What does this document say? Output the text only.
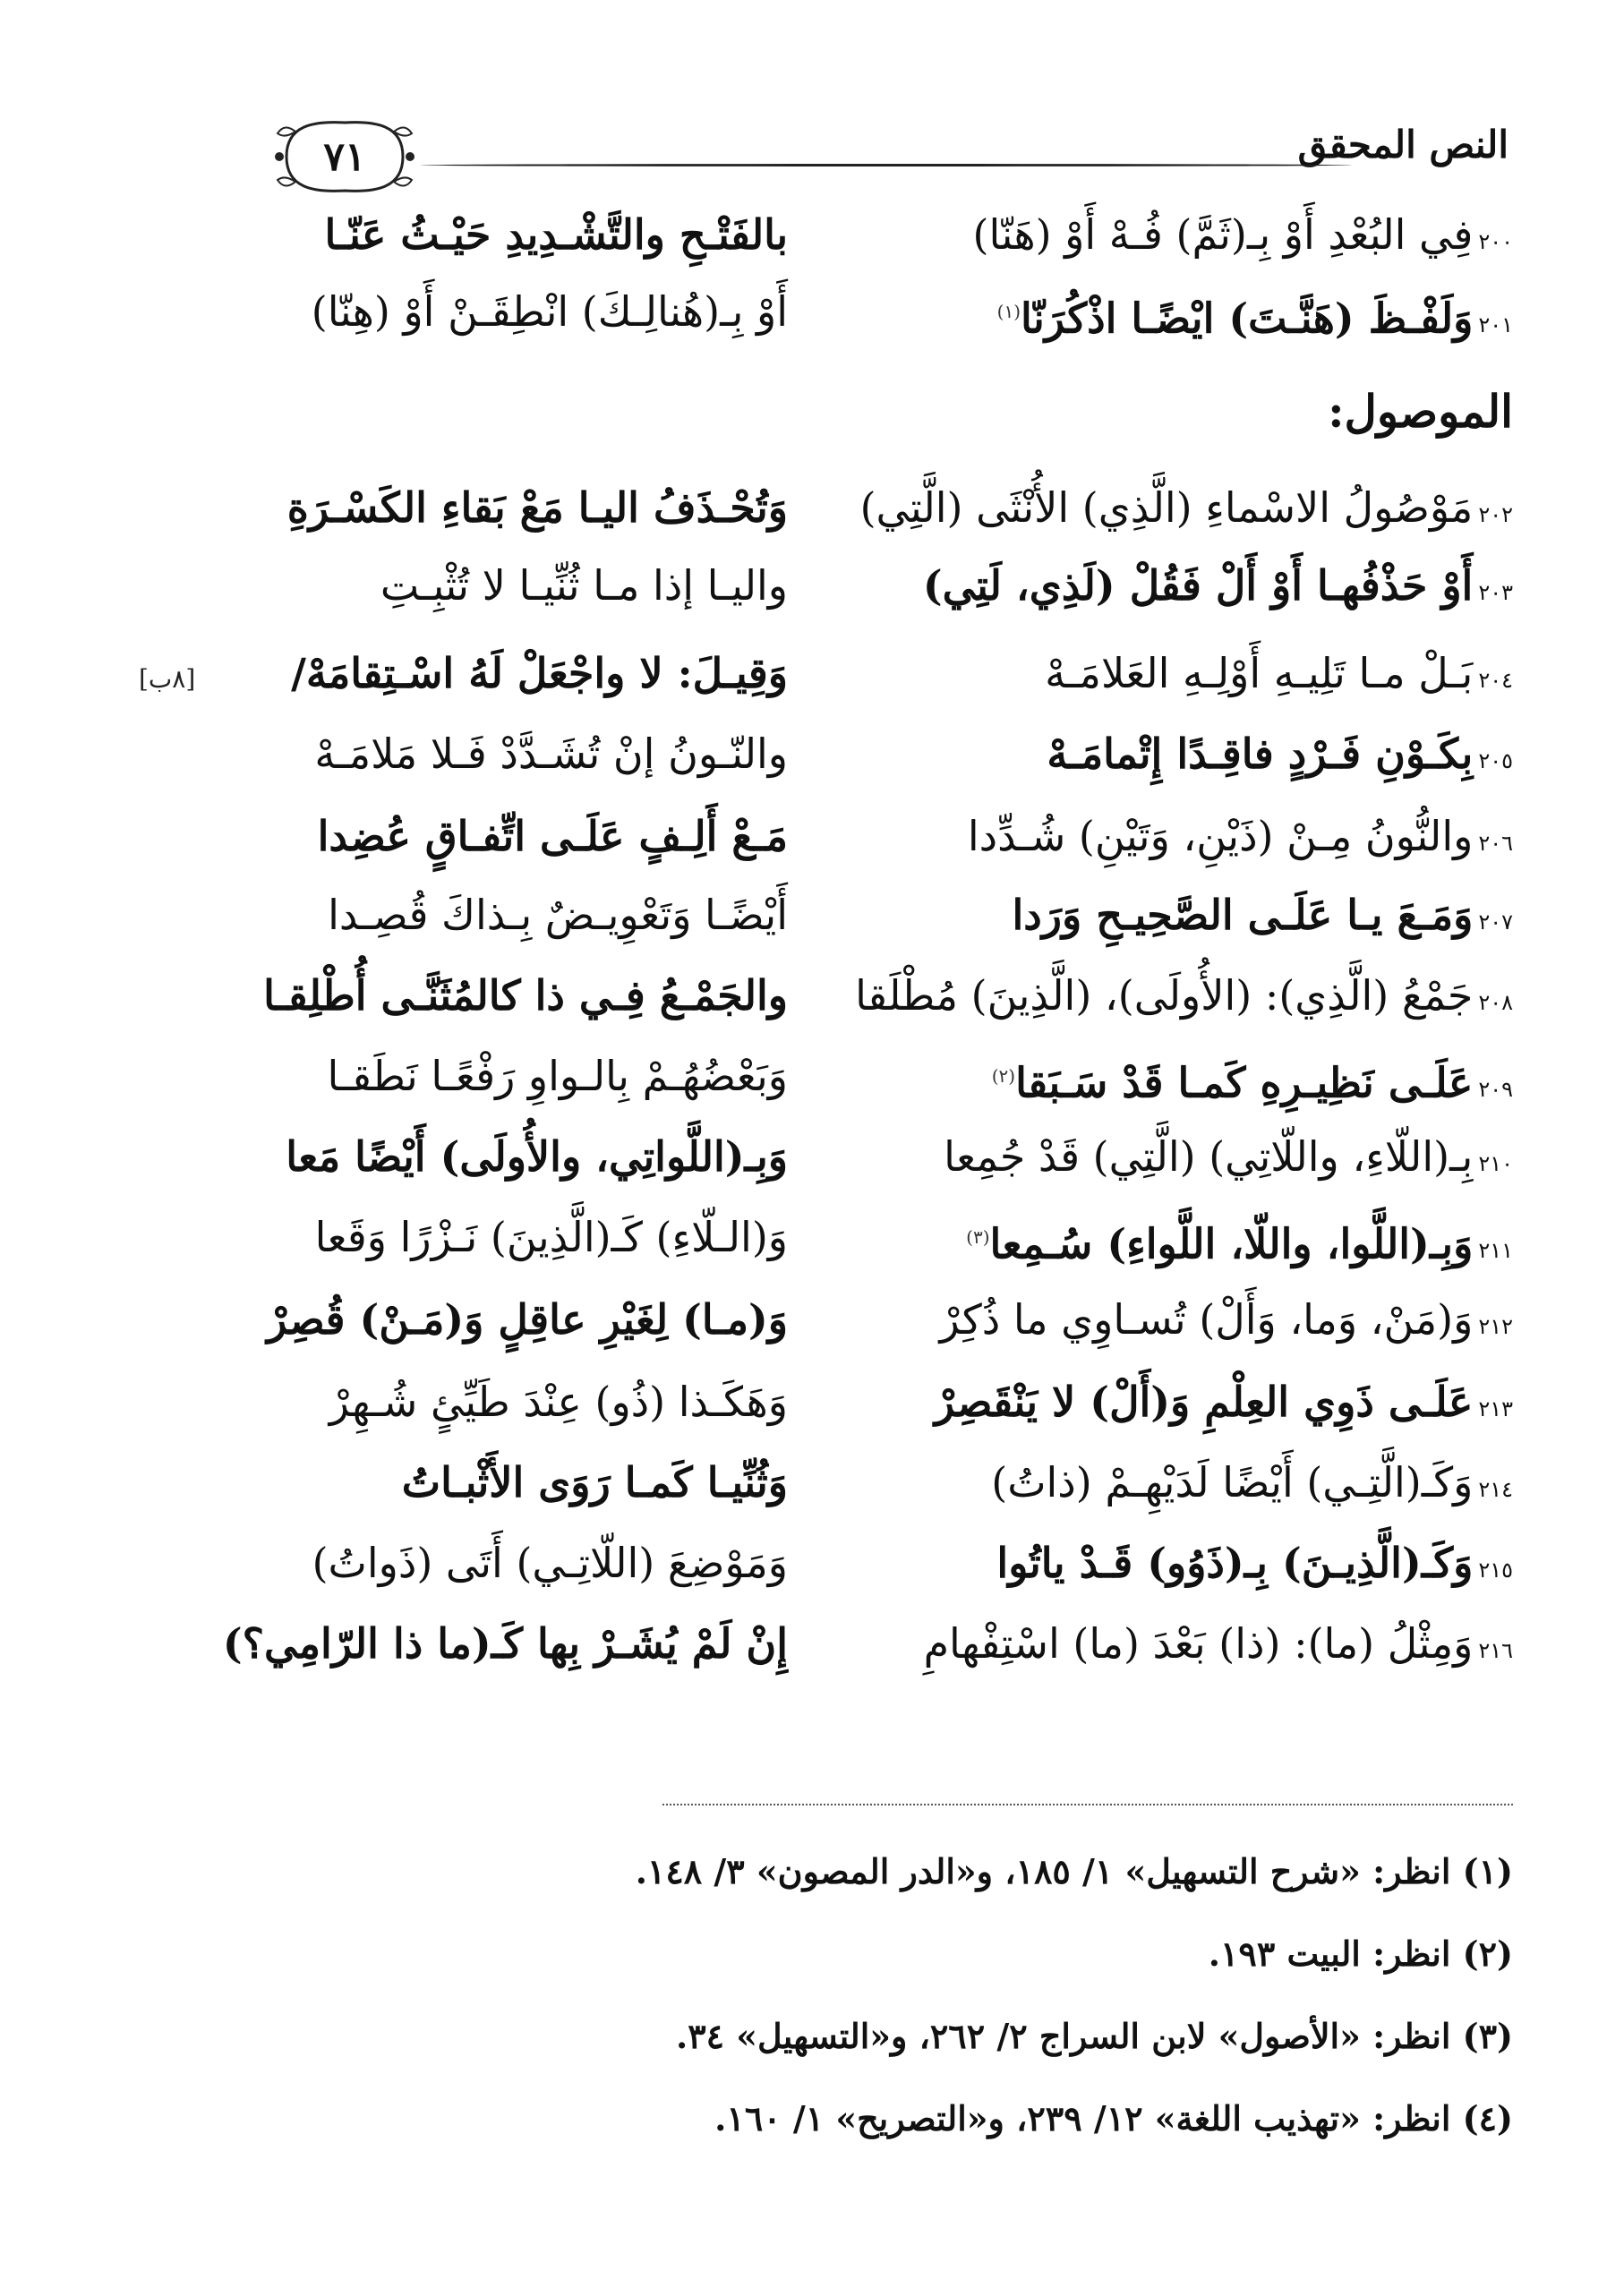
النص المحقق
٧١
٢٠٠فِي البُعْدِ أَوْ بِـ(ثَمَّ) فُـهْ أَوْ (هَنّا)
بالفَتْـحِ والتَّشْـدِيدِ حَيْـثُ عَنّـا
٢٠١وَلَفْـظَ (هَنَّـتَ) ايْضًـا اذْكُرَنّا$^{(١)}$
أَوْ بِـ(هُنالِـكَ) انْطِقَـنْ أَوْ (هِنّا)
الموصول:
٢٠٢مَوْصُولُ الاسْماءِ (الَّذِي) الأُنْثَى (الَّتِي)
وَتُحْـذَفُ اليـا مَعْ بَقاءِ الكَسْـرَةِ
٢٠٣أَوْ حَذْفُهـا أَوْ أَلْ فَقُلْ (لَذِي، لَتِي)
واليـا إذا مـا ثُنِّيـا لا تُثْبِـتِ
٢٠٤بَـلْ مـا تَلِيـهِ أَوْلِـهِ العَلامَـهْ
وَقِيـلَ: لا واجْعَلْ لَهُ اسْـتِقامَهْ/
[٨ب]
٢٠٥بِكَـوْنِ فَـرْدٍ فاقِـدًا إِتْمامَـهْ
والنّـونُ إنْ تُشَـدَّدْ فَـلا مَلامَـهْ
٢٠٦والنُّونُ مِـنْ (ذَيْنِ، وَتَيْنِ) شُـدِّدا
مَـعْ أَلِـفٍ عَلَـى اتِّفـاقٍ عُضِدا
٢٠٧وَمَـعَ يـا عَلَـى الصَّحِيـحِ وَرَدا
أَيْضًـا وَتَعْوِيـضٌ بِـذاكَ قُصِـدا
٢٠٨جَمْعُ (الَّذِي): (الأُولَى)، (الَّذِينَ) مُطْلَقا
والجَمْـعُ فِـي ذا كالمُثَنَّـى أُطْلِقـا
٢٠٩عَلَـى نَظِيـرِهِ كَمـا قَدْ سَـبَقا$^{(٢)}$
وَبَعْضُهُـمْ بِالـواوِ رَفْعًـا نَطَقـا
٢١٠بِـ(اللّاءِ، واللّاتِي) (الَّتِي) قَدْ جُمِعا
وَبِـ(اللَّواتِي، والأُولَى) أَيْضًا مَعا
٢١١وَبِـ(اللَّوا، واللّا، اللَّواءِ) سُـمِعا$^{(٣)}$
وَ(الـلّاءِ) كَـ(الَّذِينَ) نَـزْرًا وَقَعا
٢١٢وَ(مَنْ، وَما، وَأَلْ) تُسـاوِي ما ذُكِرْ
وَ(مـا) لِغَيْرِ عاقِلٍ وَ(مَـنْ) قُصِرْ
٢١٣عَلَـى ذَوِي العِلْمِ وَ(أَلْ) لا يَنْقَصِرْ
وَهَكَـذا (ذُو) عِنْدَ طَيِّئٍ شُـهِرْ
٢١٤وَكَـ(الَّتِـي) أَيْضًا لَدَيْهِـمْ (ذاتُ)
وَثُنِّيـا كَمـا رَوَى الأَثْبـاتُ
٢١٥وَكَـ(الَّذِيـنَ) بِـ(ذَوُو) قَـدْ ياتُوا
وَمَوْضِعَ (اللّاتِـي) أَتَى (ذَواتُ)
٢١٦وَمِثْلُ (ما): (ذا) بَعْدَ (ما) اسْتِفْهامِ
إِنْ لَمْ يُشَـرْ بِها كَـ(ما ذا الرّامِي؟)
(١) انظر: «شرح التسهيل» ١/ ١٨٥، و«الدر المصون» ٣/ ١٤٨.
(٢) انظر: البيت ١٩٣.
(٣) انظر: «الأصول» لابن السراج ٢/ ٢٦٢، و«التسهيل» ٣٤.
(٤) انظر: «تهذيب اللغة» ١٢/ ٢٣٩، و«التصريح» ١/ ١٦٠.
